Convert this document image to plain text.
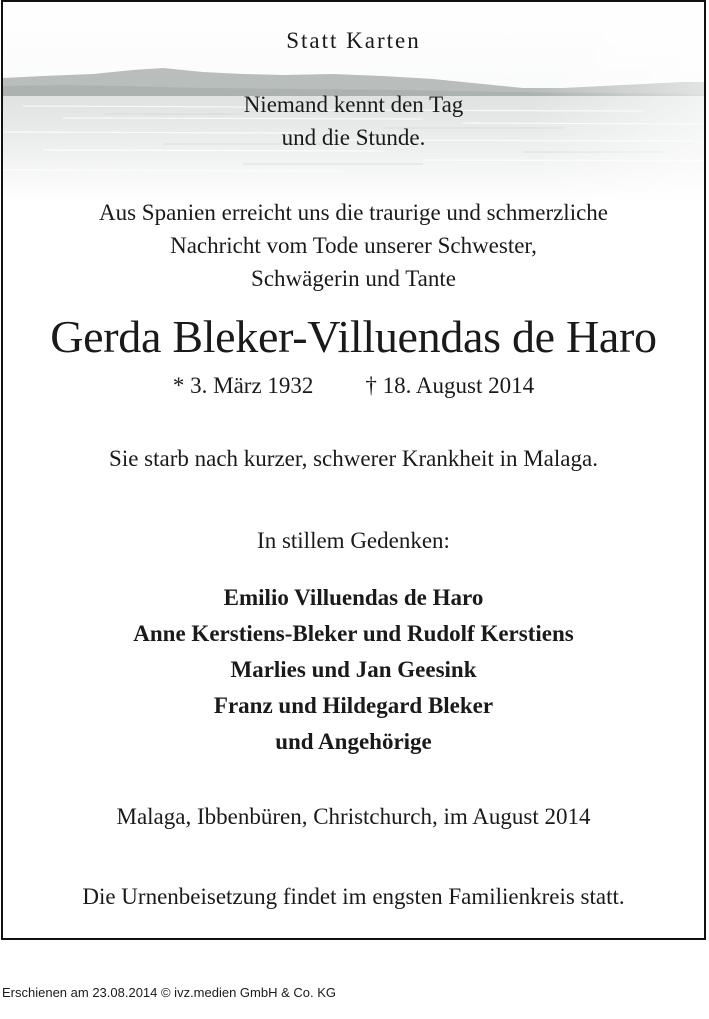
Statt Karten
Niemand kennt den Tag
und die Stunde.
Aus Spanien erreicht uns die traurige und schmerzliche
Nachricht vom Tode unserer Schwester,
Schwägerin und Tante
Gerda Bleker-Villuendas de Haro
* 3. März 1932 † 18. August 2014
Sie starb nach kurzer, schwerer Krankheit in Malaga.
In stillem Gedenken:
Emilio Villuendas de Haro
Anne Kerstiens-Bleker und Rudolf Kerstiens
Marlies und Jan Geesink
Franz und Hildegard Bleker
und Angehörige
Malaga, Ibbenbüren, Christchurch, im August 2014
Die Urnenbeisetzung findet im engsten Familienkreis statt.
Erschienen am 23.08.2014 © ivz.medien GmbH & Co. KG
